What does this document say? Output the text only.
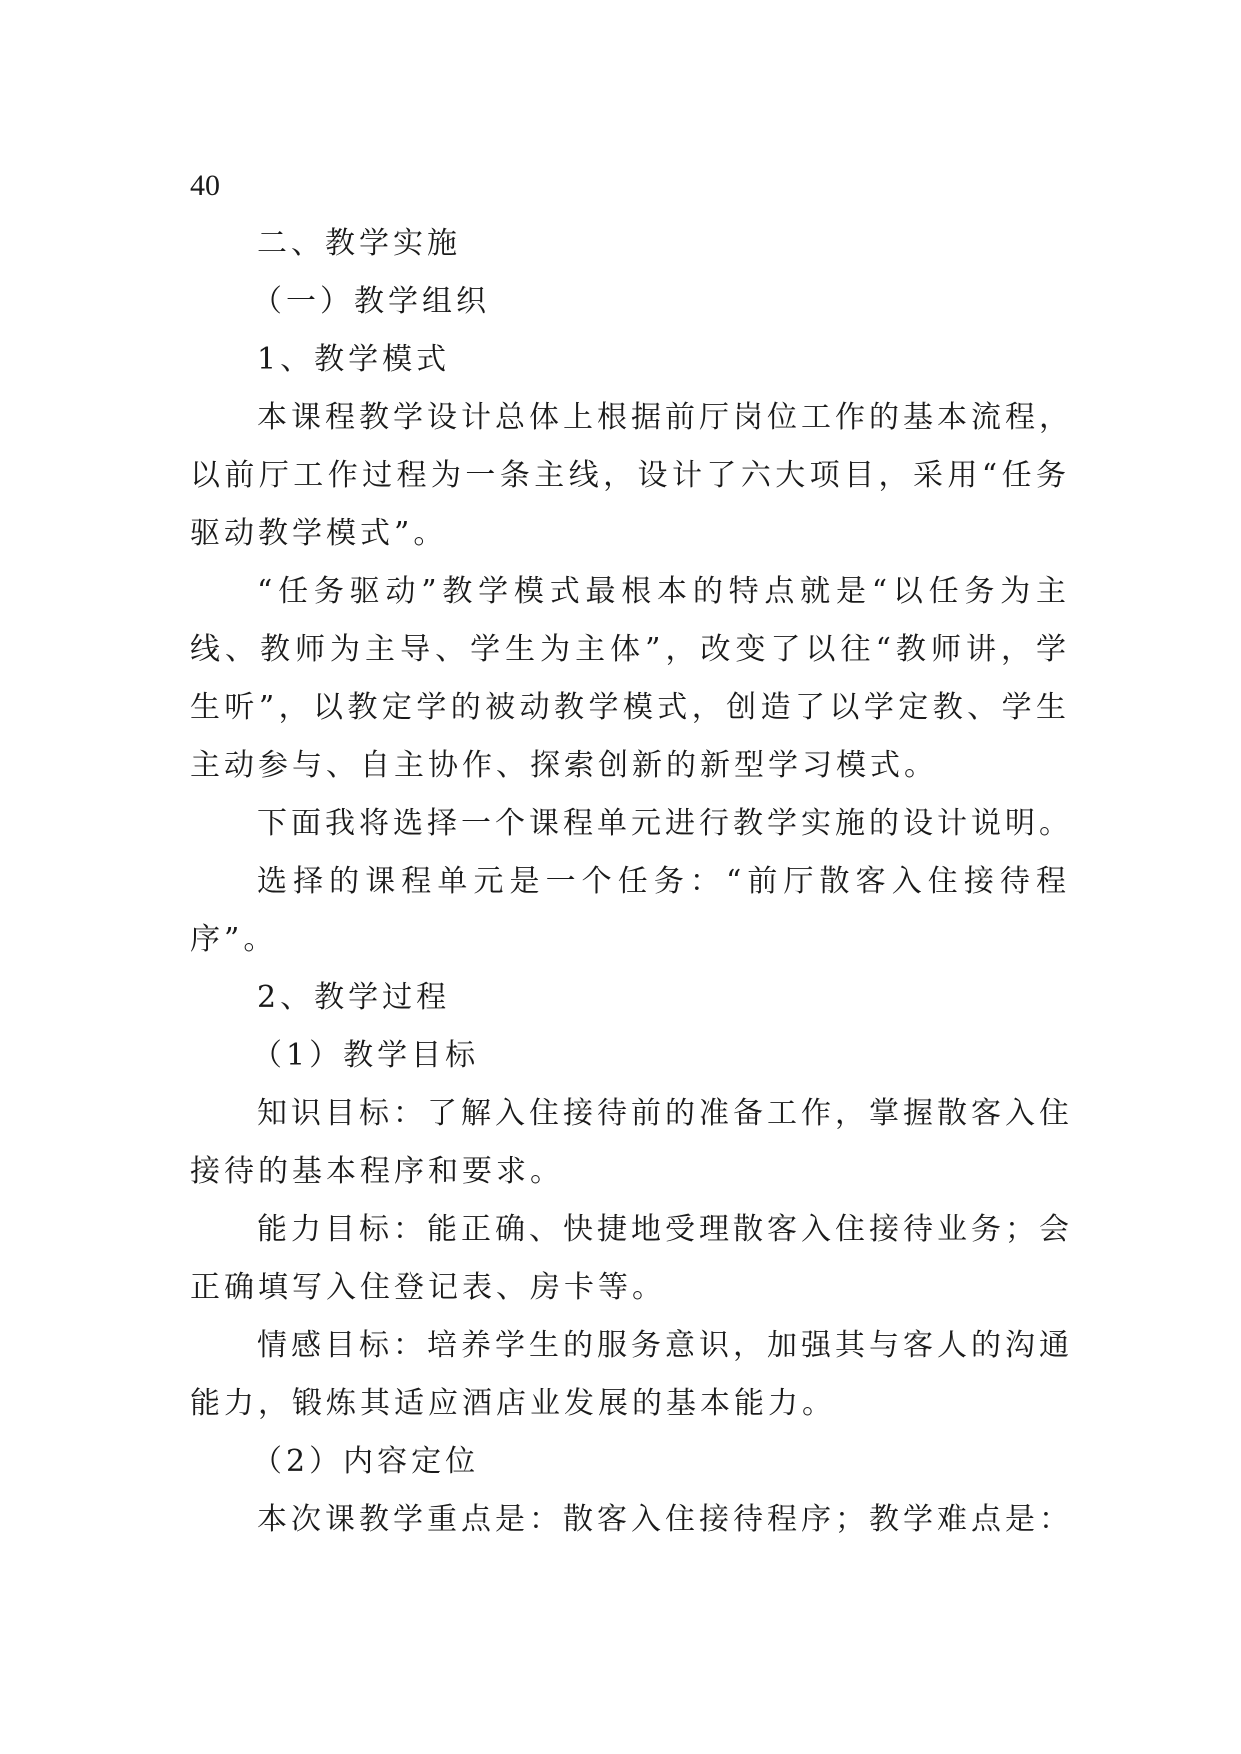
40
二、教学实施
（一）教学组织
1、教学模式
本课程教学设计总体上根据前厅岗位工作的基本流程，
以前厅工作过程为一条主线，设计了六大项目，采用“任务
驱动教学模式”。
“任务驱动”教学模式最根本的特点就是“以任务为主
线、教师为主导、学生为主体”，改变了以往“教师讲，学
生听”，以教定学的被动教学模式，创造了以学定教、学生
主动参与、自主协作、探索创新的新型学习模式。
下面我将选择一个课程单元进行教学实施的设计说明。
选择的课程单元是一个任务：“前厅散客入住接待程
序”。
2、教学过程
（1）教学目标
知识目标：了解入住接待前的准备工作，掌握散客入住
接待的基本程序和要求。
能力目标：能正确、快捷地受理散客入住接待业务；会
正确填写入住登记表、房卡等。
情感目标：培养学生的服务意识，加强其与客人的沟通
能力，锻炼其适应酒店业发展的基本能力。
（2）内容定位
本次课教学重点是：散客入住接待程序；教学难点是：
